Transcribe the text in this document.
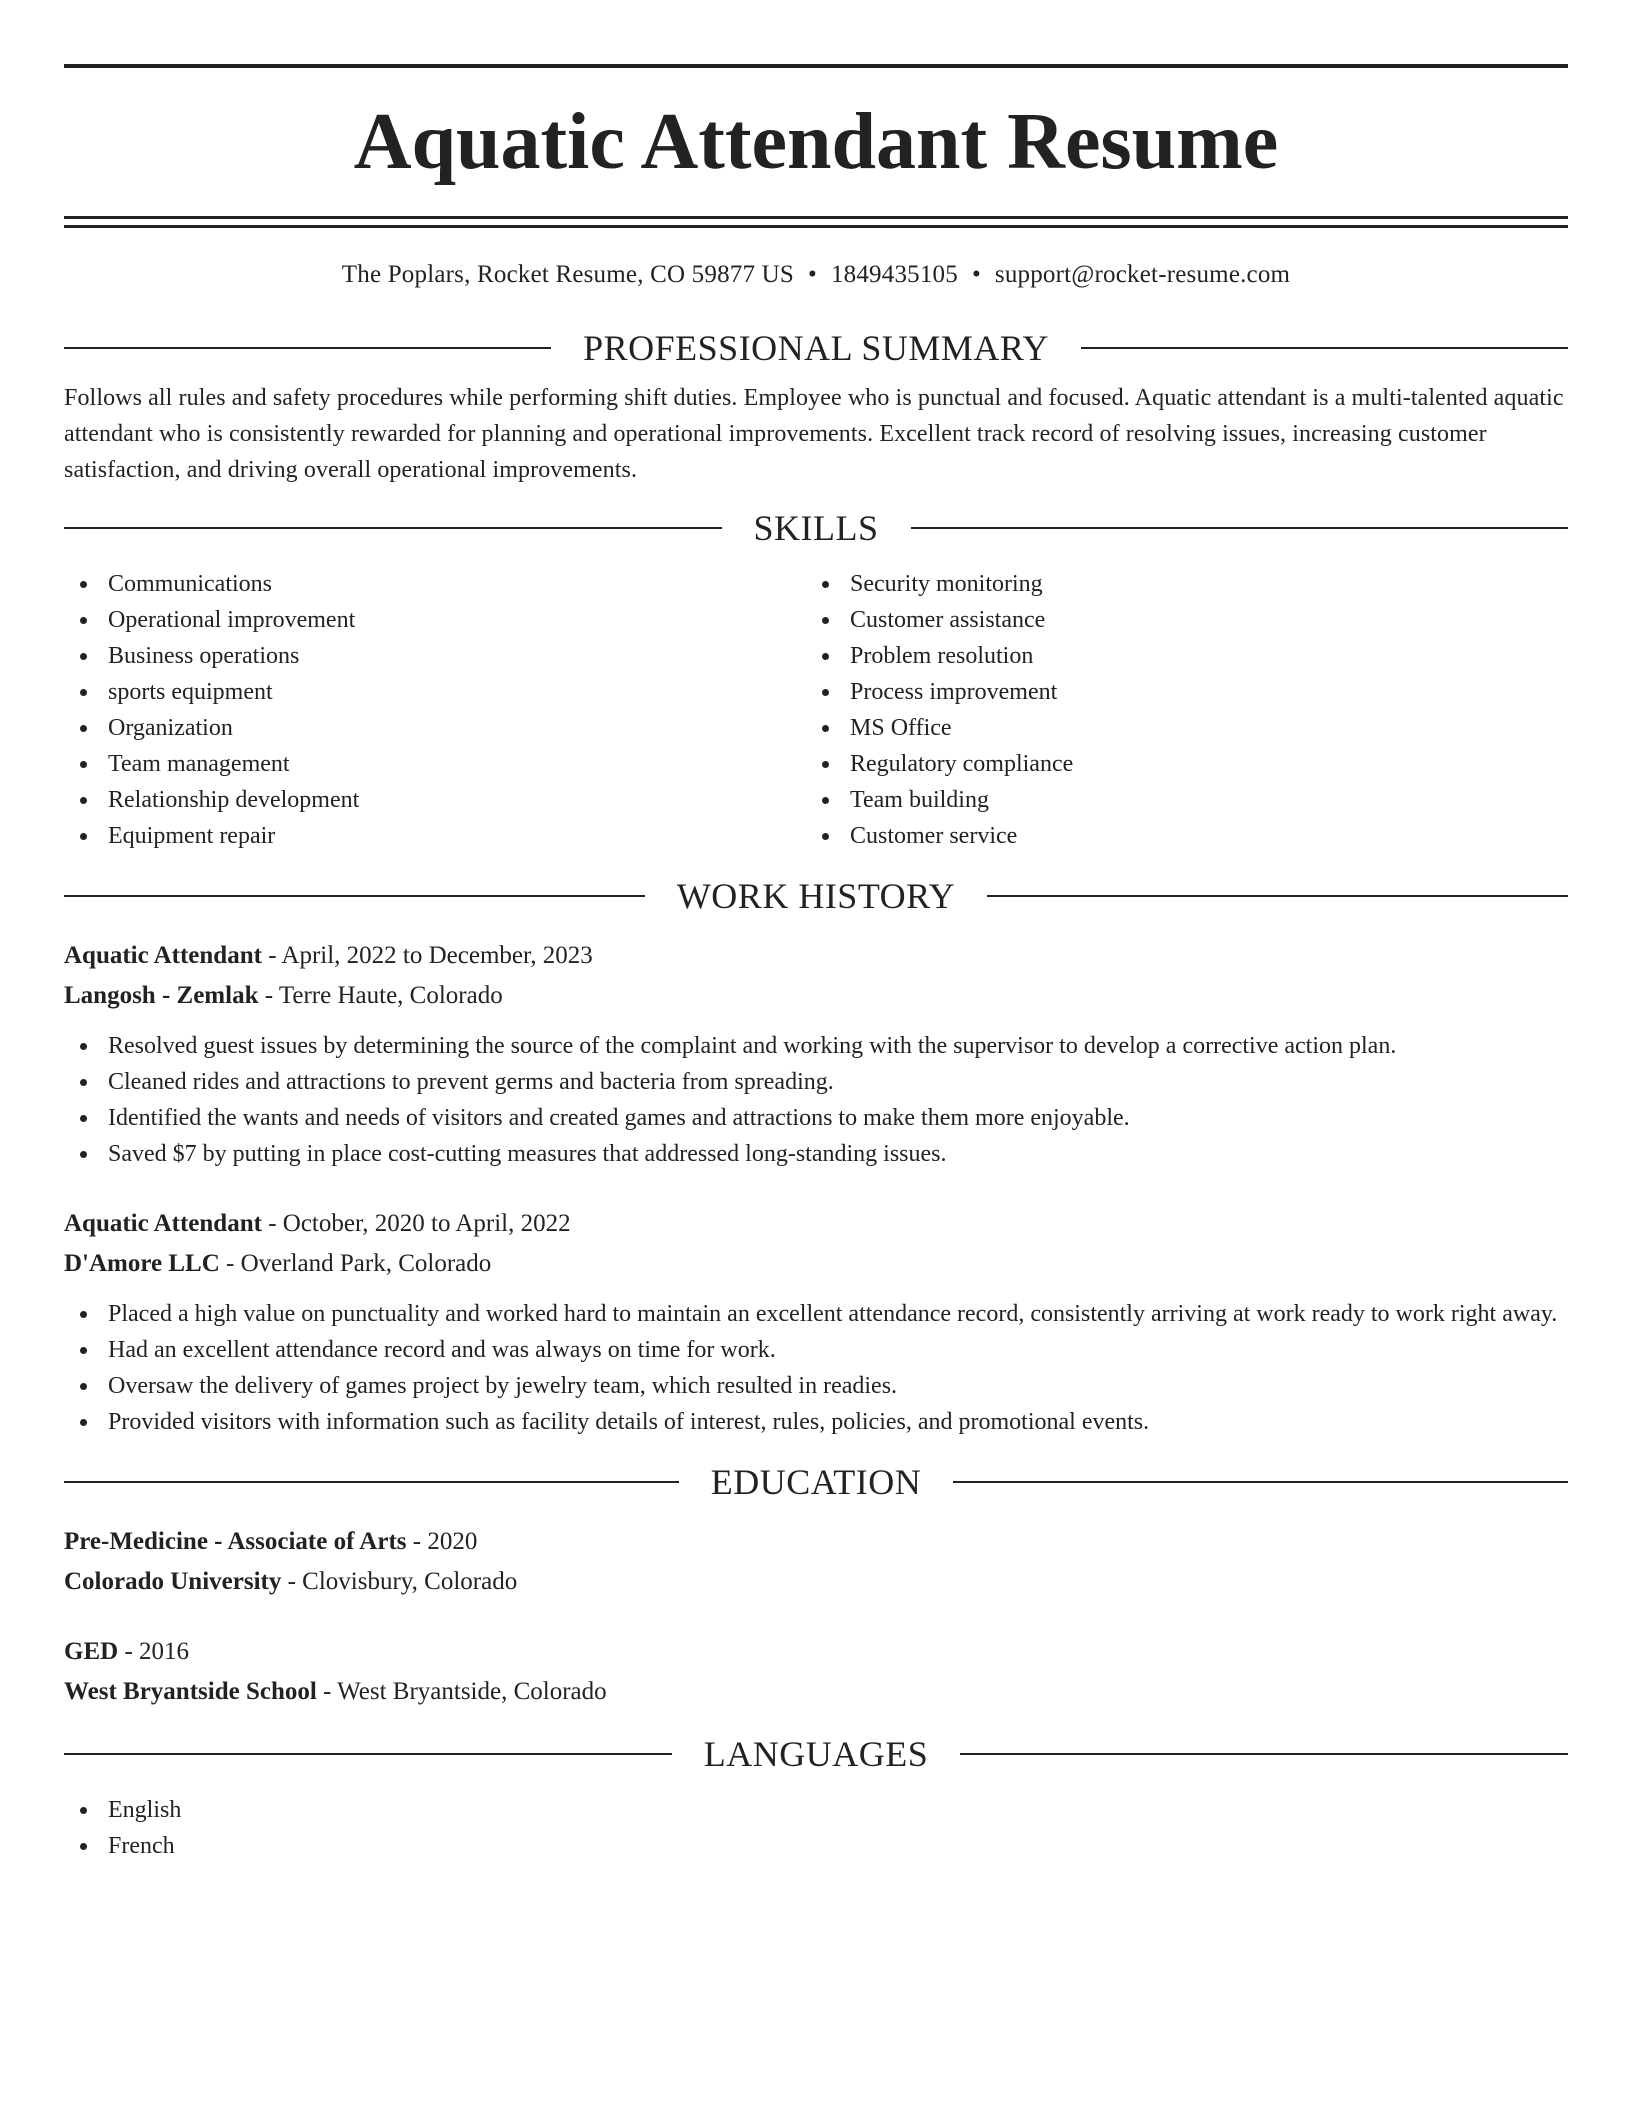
Aquatic Attendant Resume
The Poplars, Rocket Resume, CO 59877 US • 1849435105 • support@rocket-resume.com
PROFESSIONAL SUMMARY

Follows all rules and safety procedures while performing shift duties. Employee who is punctual and focused. Aquatic attendant is a multi-talented aquatic attendant who is consistently rewarded for planning and operational improvements. Excellent track record of resolving issues, increasing customer satisfaction, and driving overall operational improvements.

SKILLS
Communications
Operational improvement
Business operations
sports equipment
Organization
Team management
Relationship development
Equipment repair
Security monitoring
Customer assistance
Problem resolution
Process improvement
MS Office
Regulatory compliance
Team building
Customer service
WORK HISTORY
Aquatic Attendant - April, 2022 to December, 2023
Langosh - Zemlak - Terre Haute, Colorado
Resolved guest issues by determining the source of the complaint and working with the supervisor to develop a corrective action plan.
Cleaned rides and attractions to prevent germs and bacteria from spreading.
Identified the wants and needs of visitors and created games and attractions to make them more enjoyable.
Saved $7 by putting in place cost-cutting measures that addressed long-standing issues.
Aquatic Attendant - October, 2020 to April, 2022
D'Amore LLC - Overland Park, Colorado
Placed a high value on punctuality and worked hard to maintain an excellent attendance record, consistently arriving at work ready to work right away.
Had an excellent attendance record and was always on time for work.
Oversaw the delivery of games project by jewelry team, which resulted in readies.
Provided visitors with information such as facility details of interest, rules, policies, and promotional events.
EDUCATION
Pre-Medicine - Associate of Arts - 2020
Colorado University - Clovisbury, Colorado
GED - 2016
West Bryantside School - West Bryantside, Colorado
LANGUAGES
English
French
